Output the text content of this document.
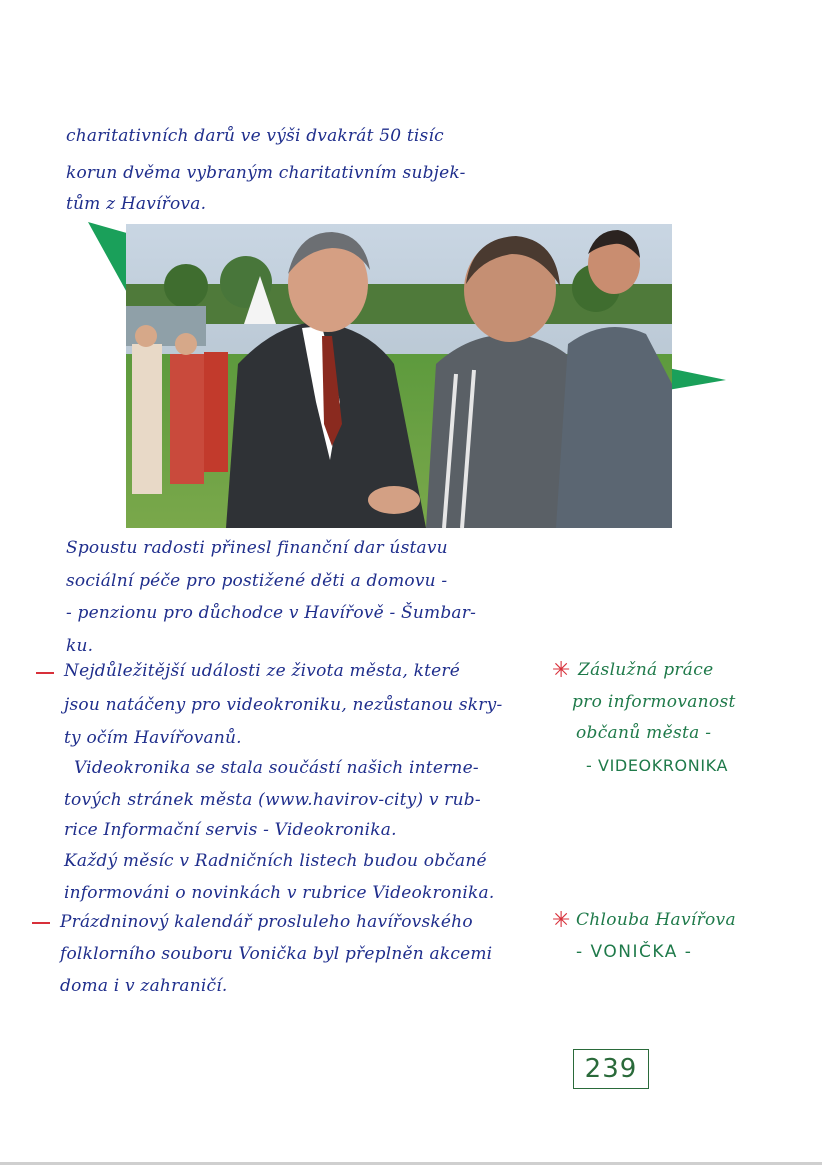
charitativních darů ve výši dvakrát 50 tisíc

korun dvěma vybraným charitativním subjek-

tům z Havířova.

Spoustu radosti přinesl finanční dar ústavu

sociální péče pro postižené děti a domovu -

- penzionu pro důchodce v Havířově - Šumbar-

ku.

Nejdůležitější události ze života města, které

jsou natáčeny pro videokroniku, nezůstanou skry-

ty očím Havířovanů.

Videokronika se stala součástí našich interne-

tových stránek města (www.havirov-city) v rub-

rice Informační servis - Videokronika.

Každý měsíc v Radničních listech budou občané

informováni o novinkách v rubrice Videokronika.

Prázdninový kalendář prosluleho havířovského

folklorního souboru Vonička byl přeplněn akcemi

doma i v zahraničí.

✳ Záslužná práce

pro informovanost

občanů města -

- VIDEOKRONIKA

✳ Chlouba Havířova

- VONIČKA -

239
